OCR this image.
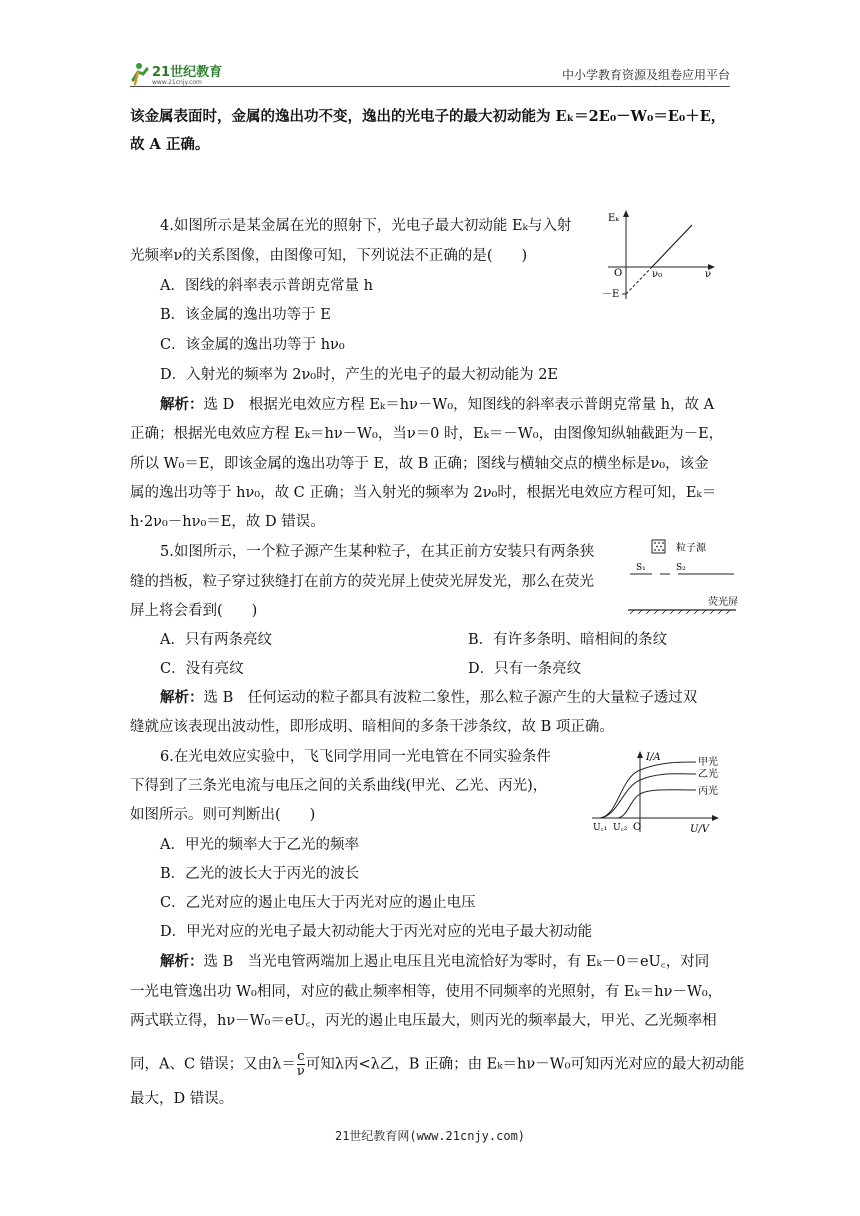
21世纪教育
www.21cnjy.com
中小学教育资源及组卷应用平台
该金属表面时，金属的逸出功不变，逸出的光电子的最大初动能为 Eₖ＝2E₀－W₀＝E₀＋E，
故 A 正确。
4.如图所示是某金属在光的照射下，光电子最大初动能 Eₖ与入射
光频率ν的关系图像，由图像可知，下列说法不正确的是(　　)
A．图线的斜率表示普朗克常量 h
B．该金属的逸出功等于 E
C．该金属的逸出功等于 hν₀
D．入射光的频率为 2ν₀时，产生的光电子的最大初动能为 2E
解析：选 D　根据光电效应方程 Eₖ＝hν－W₀，知图线的斜率表示普朗克常量 h，故 A
正确；根据光电效应方程 Eₖ＝hν－W₀，当ν＝0 时，Eₖ＝－W₀，由图像知纵轴截距为－E，
所以 W₀＝E，即该金属的逸出功等于 E，故 B 正确；图线与横轴交点的横坐标是ν₀，该金
属的逸出功等于 hν₀，故 C 正确；当入射光的频率为 2ν₀时，根据光电效应方程可知，Eₖ＝
h·2ν₀－hν₀＝E，故 D 错误。
Eₖ
O	ν₀	ν
－E
5.如图所示，一个粒子源产生某种粒子，在其正前方安装只有两条狭
缝的挡板，粒子穿过狭缝打在前方的荧光屏上使荧光屏发光，那么在荧光
屏上将会看到(　　)
A．只有两条亮纹	B．有许多条明、暗相间的条纹
C．没有亮纹	D．只有一条亮纹
解析：选 B　任何运动的粒子都具有波粒二象性，那么粒子源产生的大量粒子透过双
缝就应该表现出波动性，即形成明、暗相间的多条干涉条纹，故 B 项正确。
粒子源
S₁	S₂
荧光屏
6.在光电效应实验中，飞飞同学用同一光电管在不同实验条件
下得到了三条光电流与电压之间的关系曲线(甲光、乙光、丙光)，
如图所示。则可判断出(　　)
A．甲光的频率大于乙光的频率
B．乙光的波长大于丙光的波长
C．乙光对应的遏止电压大于丙光对应的遏止电压
D．甲光对应的光电子最大初动能大于丙光对应的光电子最大初动能
解析：选 B　当光电管两端加上遏止电压且光电流恰好为零时，有 Eₖ－0＝eU꜀，对同
一光电管逸出功 W₀相同，对应的截止频率相等，使用不同频率的光照射，有 Eₖ＝hν－W₀，
两式联立得，hν－W₀＝eU꜀，丙光的遏止电压最大，则丙光的频率最大，甲光、乙光频率相
同，A、C 错误；又由$\lambda= \frac{c}{\nu}$ 可知λ丙<λ乙，B 正确；由 Eₖ＝hν－W₀可知丙光对应的最大初动能
最大，D 错误。
I/A	甲光
乙光
丙光
U꜀₁ U꜀₂ O	U/V
21世纪教育网(www.21cnjy.com)
